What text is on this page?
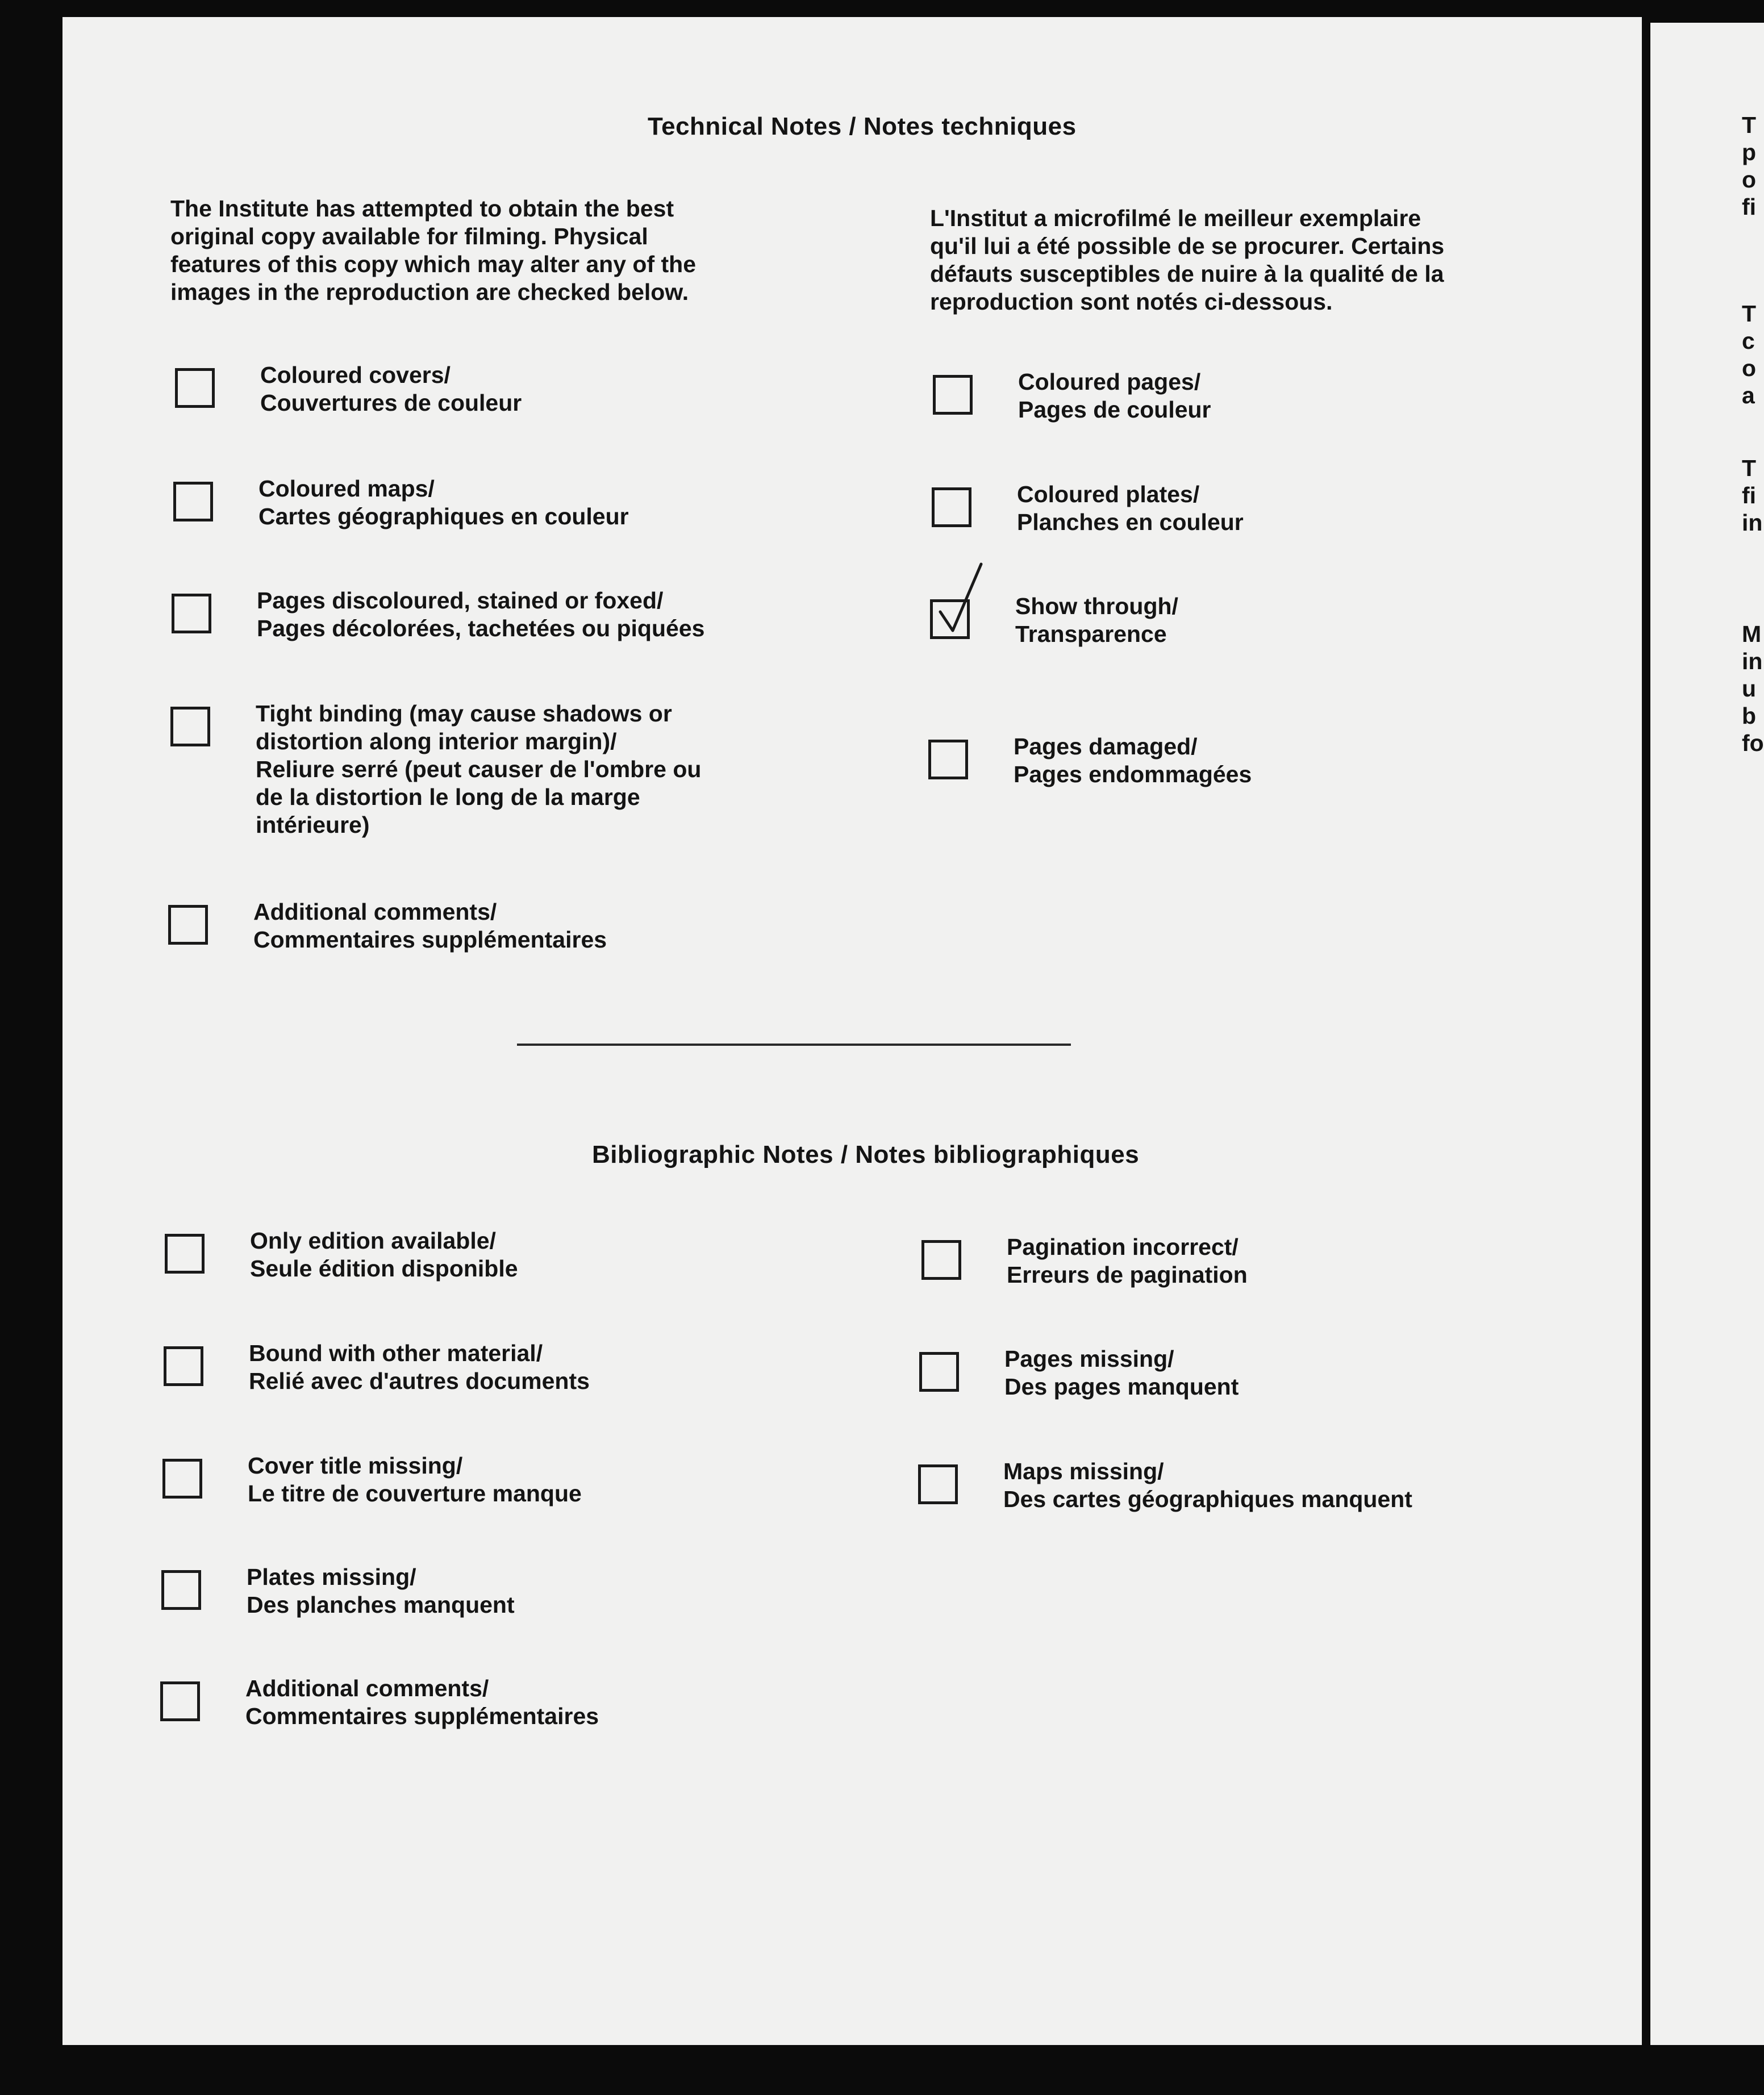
Technical Notes / Notes techniques
The Institute has attempted to obtain the best
original copy available for filming. Physical
features of this copy which may alter any of the
images in the reproduction are checked below.
L'Institut a microfilmé le meilleur exemplaire
qu'il lui a été possible de se procurer. Certains
défauts susceptibles de nuire à la qualité de la
reproduction sont notés ci-dessous.
Coloured covers/
Couvertures de couleur
Coloured maps/
Cartes géographiques en couleur
Pages discoloured, stained or foxed/
Pages décolorées, tachetées ou piquées
Tight binding (may cause shadows or
distortion along interior margin)/
Reliure serré (peut causer de l'ombre ou
de la distortion le long de la marge
intérieure)
Additional comments/
Commentaires supplémentaires
Coloured pages/
Pages de couleur
Coloured plates/
Planches en couleur
Show through/
Transparence
Pages damaged/
Pages endommagées
Bibliographic Notes / Notes bibliographiques
Only edition available/
Seule édition disponible
Bound with other material/
Relié avec d'autres documents
Cover title missing/
Le titre de couverture manque
Plates missing/
Des planches manquent
Additional comments/
Commentaires supplémentaires
Pagination incorrect/
Erreurs de pagination
Pages missing/
Des pages manquent
Maps missing/
Des cartes géographiques manquent
T
p
o
fi
T
c
o
a
T
fi
in
M
in
u
b
fo
